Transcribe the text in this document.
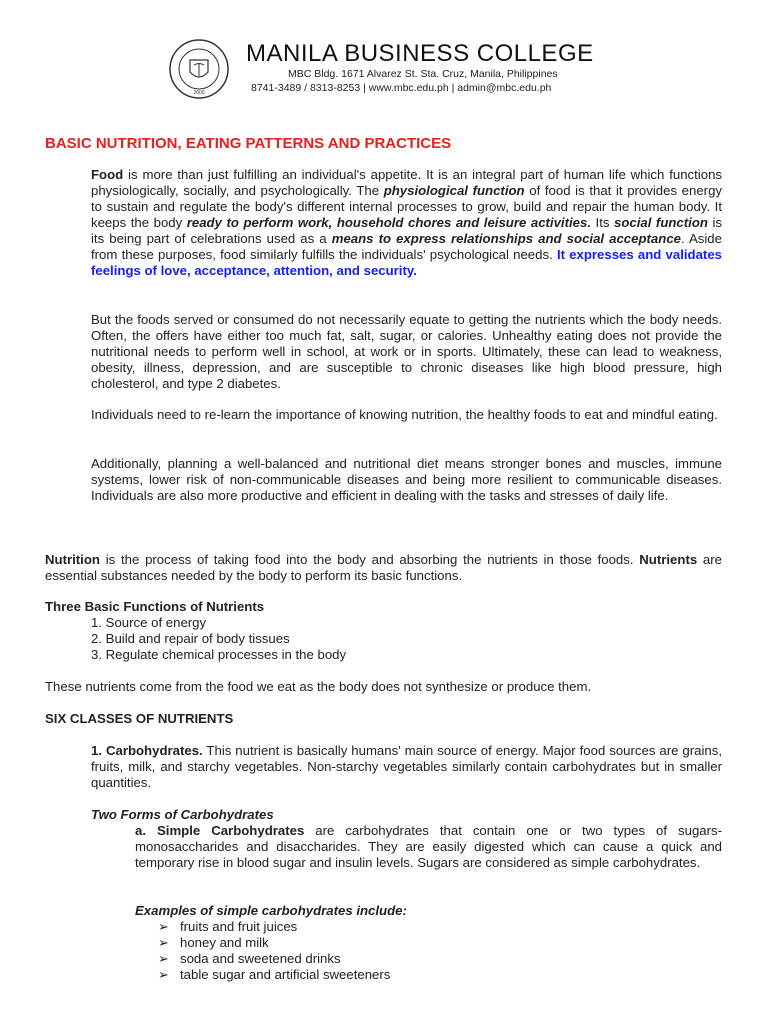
2000
MANILA BUSINESS COLLEGE
MBC Bldg. 1671 Alvarez St. Sta. Cruz, Manila, Philippines
8741-3489 / 8313-8253 | www.mbc.edu.ph | admin@mbc.edu.ph
BASIC NUTRITION, EATING PATTERNS AND PRACTICES
Food is more than just fulfilling an individual's appetite. It is an integral part of human life which functions physiologically, socially, and psychologically. The physiological function of food is that it provides energy to sustain and regulate the body's different internal processes to grow, build and repair the human body. It keeps the body ready to perform work, household chores and leisure activities. Its social function is its being part of celebrations used as a means to express relationships and social acceptance. Aside from these purposes, food similarly fulfills the individuals' psychological needs. It expresses and validates feelings of love, acceptance, attention, and security.
But the foods served or consumed do not necessarily equate to getting the nutrients which the body needs. Often, the offers have either too much fat, salt, sugar, or calories. Unhealthy eating does not provide the nutritional needs to perform well in school, at work or in sports. Ultimately, these can lead to weakness, obesity, illness, depression, and are susceptible to chronic diseases like high blood pressure, high cholesterol, and type 2 diabetes.
Individuals need to re-learn the importance of knowing nutrition, the healthy foods to eat and mindful eating.
Additionally, planning a well-balanced and nutritional diet means stronger bones and muscles, immune systems, lower risk of non-communicable diseases and being more resilient to communicable diseases. Individuals are also more productive and efficient in dealing with the tasks and stresses of daily life.
Nutrition is the process of taking food into the body and absorbing the nutrients in those foods. Nutrients are essential substances needed by the body to perform its basic functions.
Three Basic Functions of Nutrients
1. Source of energy
2. Build and repair of body tissues
3. Regulate chemical processes in the body
These nutrients come from the food we eat as the body does not synthesize or produce them.
SIX CLASSES OF NUTRIENTS
1. Carbohydrates. This nutrient is basically humans' main source of energy. Major food sources are grains, fruits, milk, and starchy vegetables. Non-starchy vegetables similarly contain carbohydrates but in smaller quantities.
Two Forms of Carbohydrates
a. Simple Carbohydrates are carbohydrates that contain one or two types of sugars- monosaccharides and disaccharides. They are easily digested which can cause a quick and temporary rise in blood sugar and insulin levels. Sugars are considered as simple carbohydrates.
Examples of simple carbohydrates include:
➢ fruits and fruit juices
➢ honey and milk
➢ soda and sweetened drinks
➢ table sugar and artificial sweeteners
